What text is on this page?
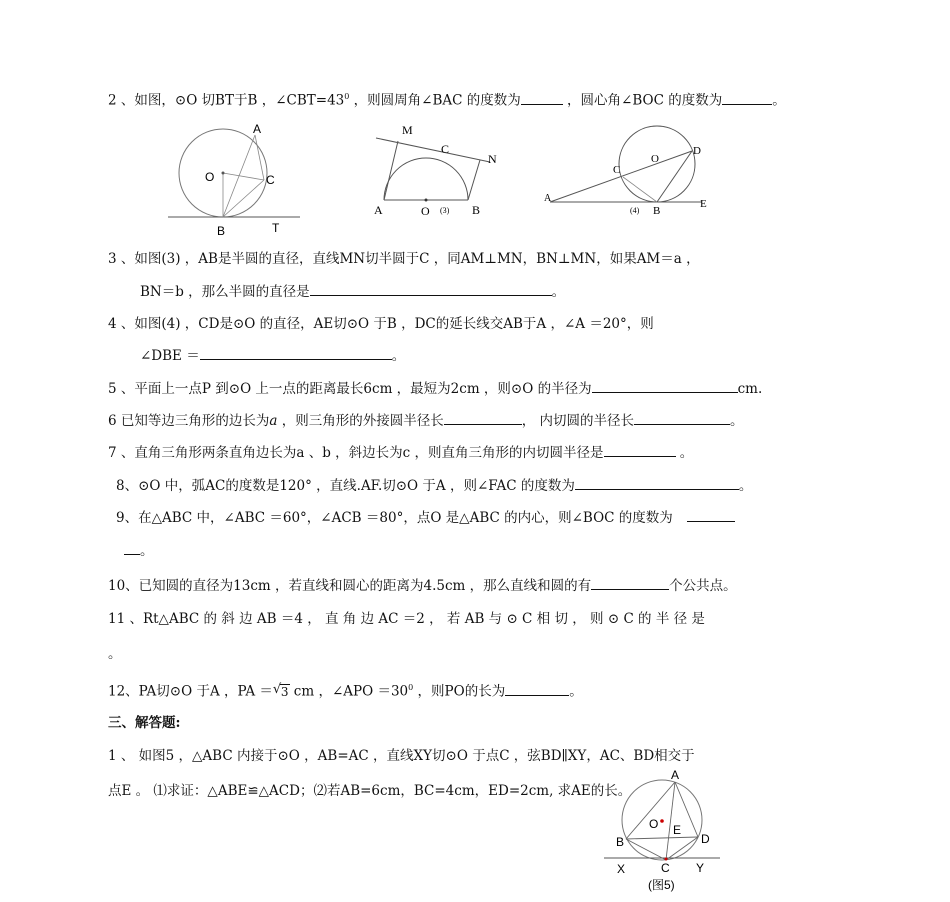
2 、如图，⊙O 切BT于B ，$\angle CBT=43^0$ ，则圆周角∠BAC 的度数为	，圆心角∠BOC 的度数为	。
A
O	C
B	T
M
C
N
A	O (3) B
A
C
O
D
(4) B
E
3 、如图(3) ，AB是半圆的直径，直线MN切半圆于C ，同AM⊥MN，BN⊥MN，如果AM＝a ，
BN＝b ，那么半圆的直径是	。
4 、如图(4) ，CD是⊙O 的直径，AE切⊙O 于B ，DC的延长线交AB于A ，∠A ＝20°，则
∠DBE ＝	。
5 、平面上一点P 到⊙O 上一点的距离最长6cm ，最短为2cm ，则⊙O 的半径为	cm.
6 已知等边三角形的边长为a ，则三角形的外接圆半径长	， 内切圆的半径长	。
7 、直角三角形两条直角边长为a 、b ，斜边长为c ，则直角三角形的内切圆半径是	。
8、⊙O 中，弧AC的度数是120° ，直线.AF.切⊙O 于A ，则∠FAC 的度数为	。
9、在△ABC 中，∠ABC ＝60°，∠ACB ＝80°，点O 是△ABC 的内心，则∠BOC 的度数为
。
10、已知圆的直径为13cm ，若直线和圆心的距离为4.5cm ，那么直线和圆的有	个公共点。
11 、Rt△ABC 的 斜 边 AB ＝4 ， 直 角 边 AC ＝2 ， 若 AB 与 ⊙ C 相 切 ， 则 ⊙ C 的 半 径 是
。
12、PA切⊙O 于A ，PA ＝ √ 3 cm ，∠APO $=30^0$ ，则PO的长为	。
三、解答题:
1 、 如图5 ，△ABC 内接于⊙O ，AB=AC ，直线XY切⊙O 于点C ，弦BD∥XY，AC、BD相交于
点E 。 ⑴求证：△ABE≌△ACD；⑵若AB=6cm，BC=4cm，ED=2cm, 求AE的长。
A
O E
B	D
X	C Y
(图5)
